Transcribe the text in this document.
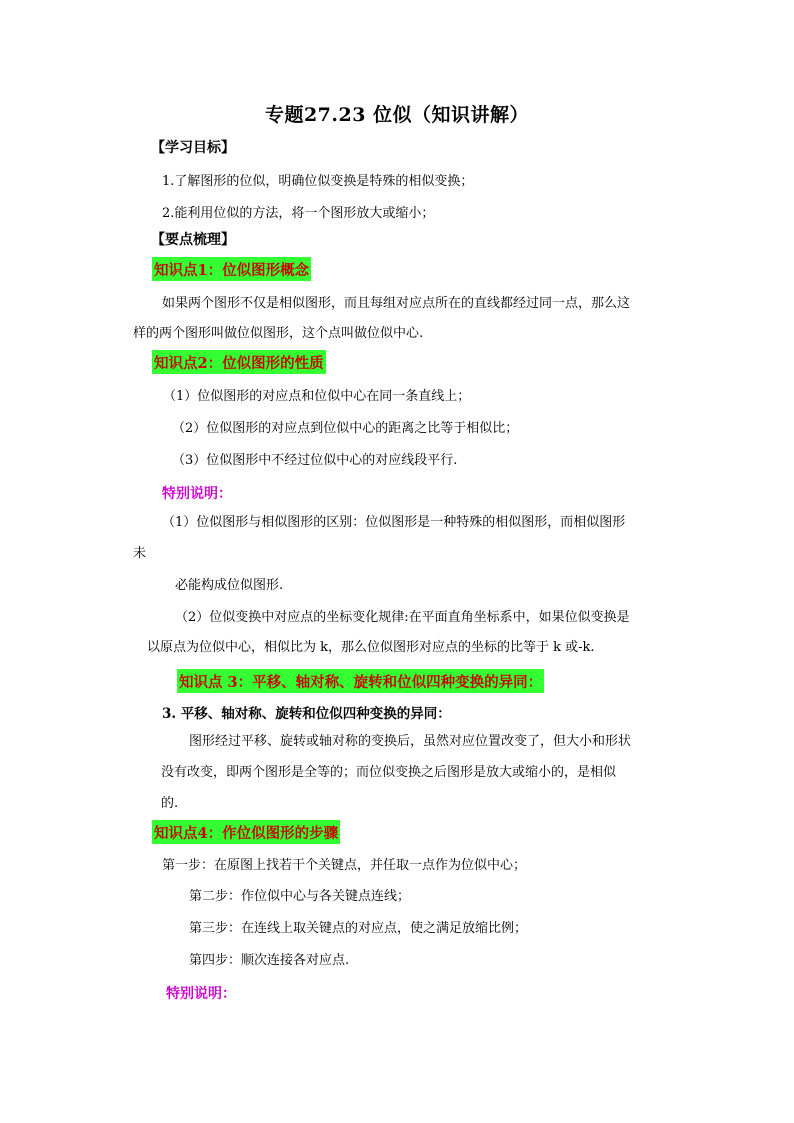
专题27.23 位似（知识讲解）
【学习目标】
1.了解图形的位似，明确位似变换是特殊的相似变换；
2.能利用位似的方法，将一个图形放大或缩小；
【要点梳理】
知识点1：位似图形概念
如果两个图形不仅是相似图形，而且每组对应点所在的直线都经过同一点，那么这
样的两个图形叫做位似图形，这个点叫做位似中心.
知识点2：位似图形的性质
（1）位似图形的对应点和位似中心在同一条直线上；
（2）位似图形的对应点到位似中心的距离之比等于相似比；
（3）位似图形中不经过位似中心的对应线段平行.
特别说明：
（1）位似图形与相似图形的区别：位似图形是一种特殊的相似图形，而相似图形
未
必能构成位似图形.
（2）位似变换中对应点的坐标变化规律:在平面直角坐标系中，如果位似变换是
以原点为位似中心，相似比为 k，那么位似图形对应点的坐标的比等于 k 或-k.
知识点 3：平移、轴对称、旋转和位似四种变换的异同：
3. 平移、轴对称、旋转和位似四种变换的异同：
图形经过平移、旋转或轴对称的变换后，虽然对应位置改变了，但大小和形状
没有改变，即两个图形是全等的；而位似变换之后图形是放大或缩小的，是相似
的.
知识点4：作位似图形的步骤
第一步：在原图上找若干个关键点，并任取一点作为位似中心；
第二步：作位似中心与各关键点连线；
第三步：在连线上取关键点的对应点，使之满足放缩比例；
第四步：顺次连接各对应点.
特别说明：
